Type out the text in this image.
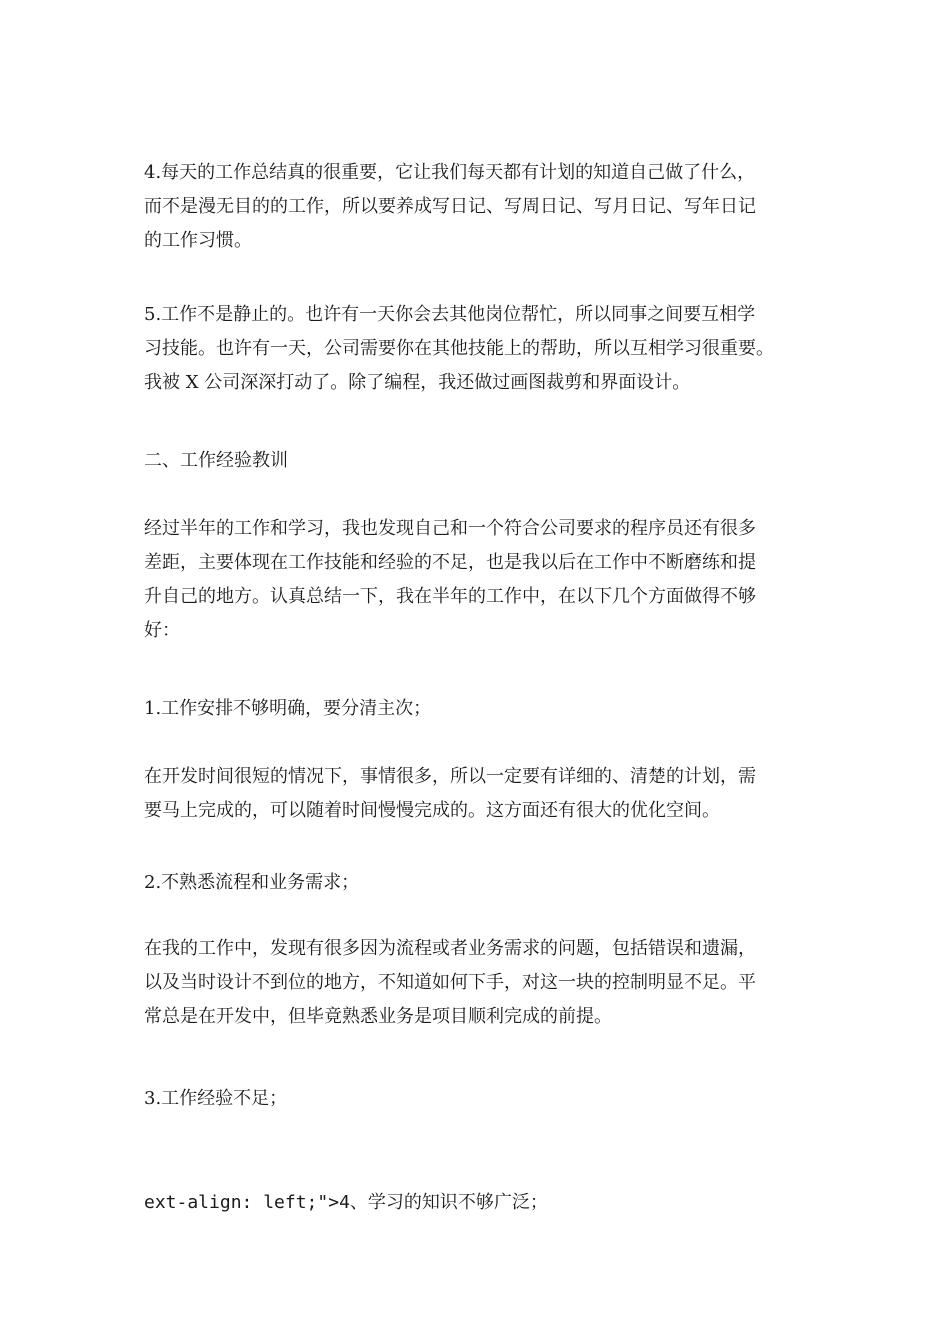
4.每天的工作总结真的很重要，它让我们每天都有计划的知道自己做了什么，
而不是漫无目的的工作，所以要养成写日记、写周日记、写月日记、写年日记
的工作习惯。

5.工作不是静止的。也许有一天你会去其他岗位帮忙，所以同事之间要互相学
习技能。也许有一天，公司需要你在其他技能上的帮助，所以互相学习很重要。
我被 X 公司深深打动了。除了编程，我还做过画图裁剪和界面设计。

二、工作经验教训

经过半年的工作和学习，我也发现自己和一个符合公司要求的程序员还有很多
差距，主要体现在工作技能和经验的不足，也是我以后在工作中不断磨练和提
升自己的地方。认真总结一下，我在半年的工作中，在以下几个方面做得不够
好：

1.工作安排不够明确，要分清主次；

在开发时间很短的情况下，事情很多，所以一定要有详细的、清楚的计划，需
要马上完成的，可以随着时间慢慢完成的。这方面还有很大的优化空间。

2.不熟悉流程和业务需求；

在我的工作中，发现有很多因为流程或者业务需求的问题，包括错误和遗漏，
以及当时设计不到位的地方，不知道如何下手，对这一块的控制明显不足。平
常总是在开发中，但毕竟熟悉业务是项目顺利完成的前提。

3.工作经验不足；

ext-align: left;">4、学习的知识不够广泛；
